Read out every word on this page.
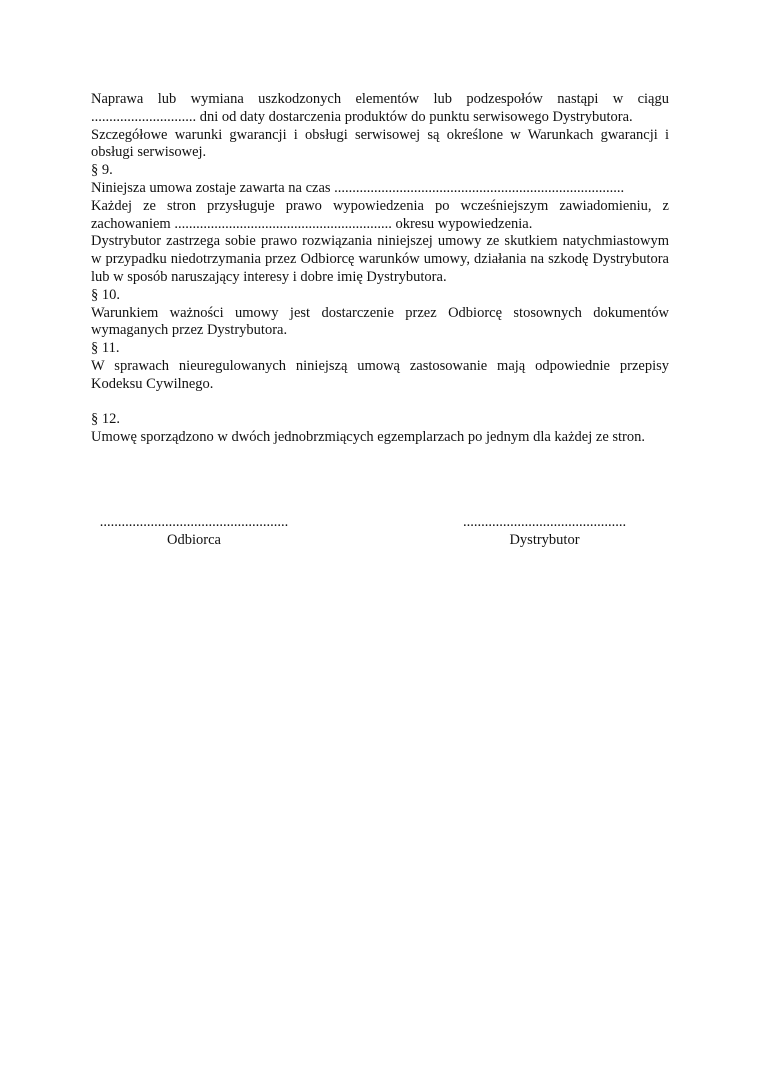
Naprawa lub wymiana uszkodzonych elementów lub podzespołów nastąpi w ciągu ............................. dni od daty dostarczenia produktów do punktu serwisowego Dystrybutora.

Szczegółowe warunki gwarancji i obsługi serwisowej są określone w Warunkach gwarancji i obsługi serwisowej.

§ 9.

Niniejsza umowa zostaje zawarta na czas ................................................................................

Każdej ze stron przysługuje prawo wypowiedzenia po wcześniejszym zawiadomieniu, z zachowaniem ............................................................ okresu wypowiedzenia.

Dystrybutor zastrzega sobie prawo rozwiązania niniejszej umowy ze skutkiem natychmiastowym w przypadku niedotrzymania przez Odbiorcę warunków umowy, działania na szkodę Dystrybutora lub w sposób naruszający interesy i dobre imię Dystrybutora.

§ 10.

Warunkiem ważności umowy jest dostarczenie przez Odbiorcę stosownych dokumentów wymaganych przez Dystrybutora.

§ 11.

W sprawach nieuregulowanych niniejszą umową zastosowanie mają odpowiednie przepisy Kodeksu Cywilnego.

§ 12.

Umowę sporządzono w dwóch jednobrzmiących egzemplarzach po jednym dla każdej ze stron.

....................................................
Odbiorca
.............................................
Dystrybutor
